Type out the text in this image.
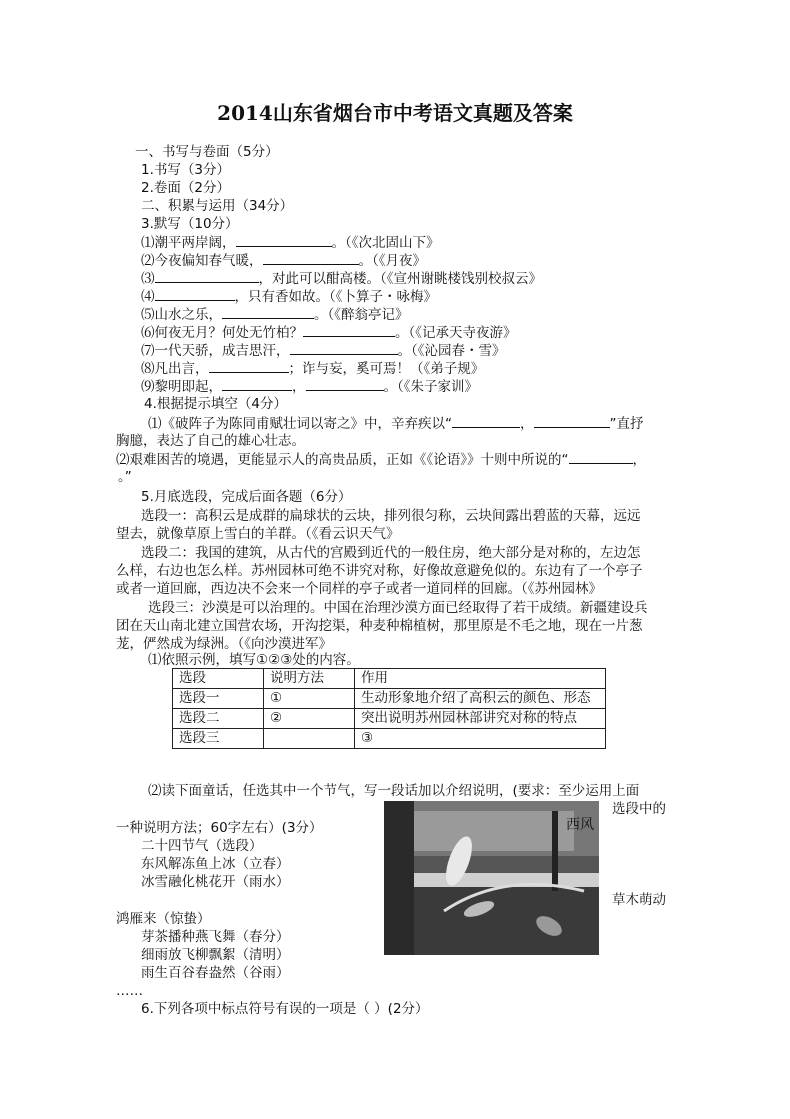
2014山东省烟台市中考语文真题及答案
一、书写与卷面（5分）
1.书写（3分）
2.卷面（2分）
二、积累与运用（34分）
3.默写（10分）
⑴潮平两岸阔，	。（《次北固山下》
⑵今夜偏知春气暖，	。（《月夜》
⑶	，对此可以酣高楼。（《宣州谢眺楼饯别校叔云》
⑷	，只有香如故。（《卜算子・咏梅》
⑸山水之乐，	。（《醉翁亭记》
⑹何夜无月？何处无竹柏？	。（《记承天寺夜游》
⑺一代天骄，成吉思汗，	。（《沁园春・雪》
⑻凡出言，	；诈与妄，奚可焉！（《弟子规》
⑼黎明即起，	，	。（《朱子家训》
4.根据提示填空（4分）
⑴《破阵子为陈同甫赋壮词以寄之》中，辛弃疾以“	，	”直抒
胸臆，表达了自己的雄心壮志。
⑵艰难困苦的境遇，更能显示人的高贵品质，正如《《论语》》十则中所说的“	，
。”
5.月底选段，完成后面各题（6分）
选段一：高积云是成群的扁球状的云块，排列很匀称，云块间露出碧蓝的天幕，远远
望去，就像草原上雪白的羊群。（《看云识天气》
选段二：我国的建筑，从古代的宫殿到近代的一般住房，绝大部分是对称的，左边怎
么样，右边也怎么样。苏州园林可绝不讲究对称，好像故意避免似的。东边有了一个亭子
或者一道回廊，西边决不会来一个同样的亭子或者一道同样的回廊。（《苏州园林》
选段三：沙漠是可以治理的。中国在治理沙漠方面已经取得了若干成绩。新疆建设兵
团在天山南北建立国营农场，开沟挖渠，种麦种棉植树，那里原是不毛之地，现在一片葱
茏，俨然成为绿洲。（《向沙漠进军》
⑴依照示例，填写①②③处的内容。
选段	说明方法	作用
选段一	①	生动形象地介绍了高积云的颜色、形态
选段二	②	突出说明苏州园林部讲究对称的特点
选段三		③
⑵读下面童话，任选其中一个节气，写一段话加以介绍说明，(要求：至少运用上面
选段中的
一种说明方法；60字左右）(3分）
二十四节气（选段）
东风解冻鱼上冰（立春）
冰雪融化桃花开（雨水）
草木萌动
鸿雁来（惊蛰）
芽茶播种燕飞舞（春分）
细雨放飞柳飘絮（清明）
雨生百谷春盎然（谷雨）
……
6.下列各项中标点符号有误的一项是（ ）(2分）
西风
